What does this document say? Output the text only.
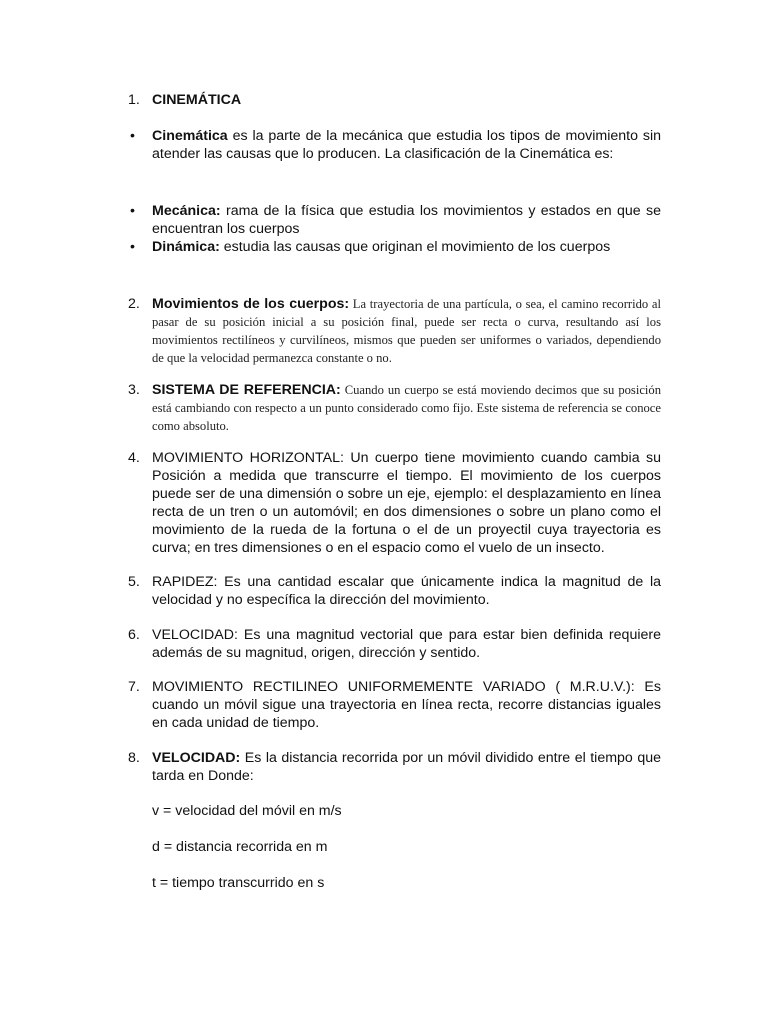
1. CINEMÁTICA
•	Cinemática es la parte de la mecánica que estudia los tipos de movimiento sin atender las causas que lo producen. La clasificación de la Cinemática es:
•	Mecánica: rama de la física que estudia los movimientos y estados en que se encuentran los cuerpos
•	Dinámica: estudia las causas que originan el movimiento de los cuerpos
2. Movimientos de los cuerpos: La trayectoria de una partícula, o sea, el camino recorrido al pasar de su posición inicial a su posición final, puede ser recta o curva, resultando así los movimientos rectilíneos y curvilíneos, mismos que pueden ser uniformes o variados, dependiendo de que la velocidad permanezca constante o no.
3. SISTEMA DE REFERENCIA: Cuando un cuerpo se está moviendo decimos que su posición está cambiando con respecto a un punto considerado como fijo. Este sistema de referencia se conoce como absoluto.
4. MOVIMIENTO HORIZONTAL: Un cuerpo tiene movimiento cuando cambia su Posición a medida que transcurre el tiempo. El movimiento de los cuerpos puede ser de una dimensión o sobre un eje, ejemplo: el desplazamiento en línea recta de un tren o un automóvil; en dos dimensiones o sobre un plano como el movimiento de la rueda de la fortuna o el de un proyectil cuya trayectoria es curva; en tres dimensiones o en el espacio como el vuelo de un insecto.
5. RAPIDEZ: Es una cantidad escalar que únicamente indica la magnitud de la velocidad y no específica la dirección del movimiento.
6. VELOCIDAD: Es una magnitud vectorial que para estar bien definida requiere además de su magnitud, origen, dirección y sentido.
7. MOVIMIENTO RECTILINEO UNIFORMEMENTE VARIADO ( M.R.U.V.): Es cuando un móvil sigue una trayectoria en línea recta, recorre distancias iguales en cada unidad de tiempo.
8. VELOCIDAD: Es la distancia recorrida por un móvil dividido entre el tiempo que tarda en Donde:
v = velocidad del móvil en m/s
d = distancia recorrida en m
t = tiempo transcurrido en s
